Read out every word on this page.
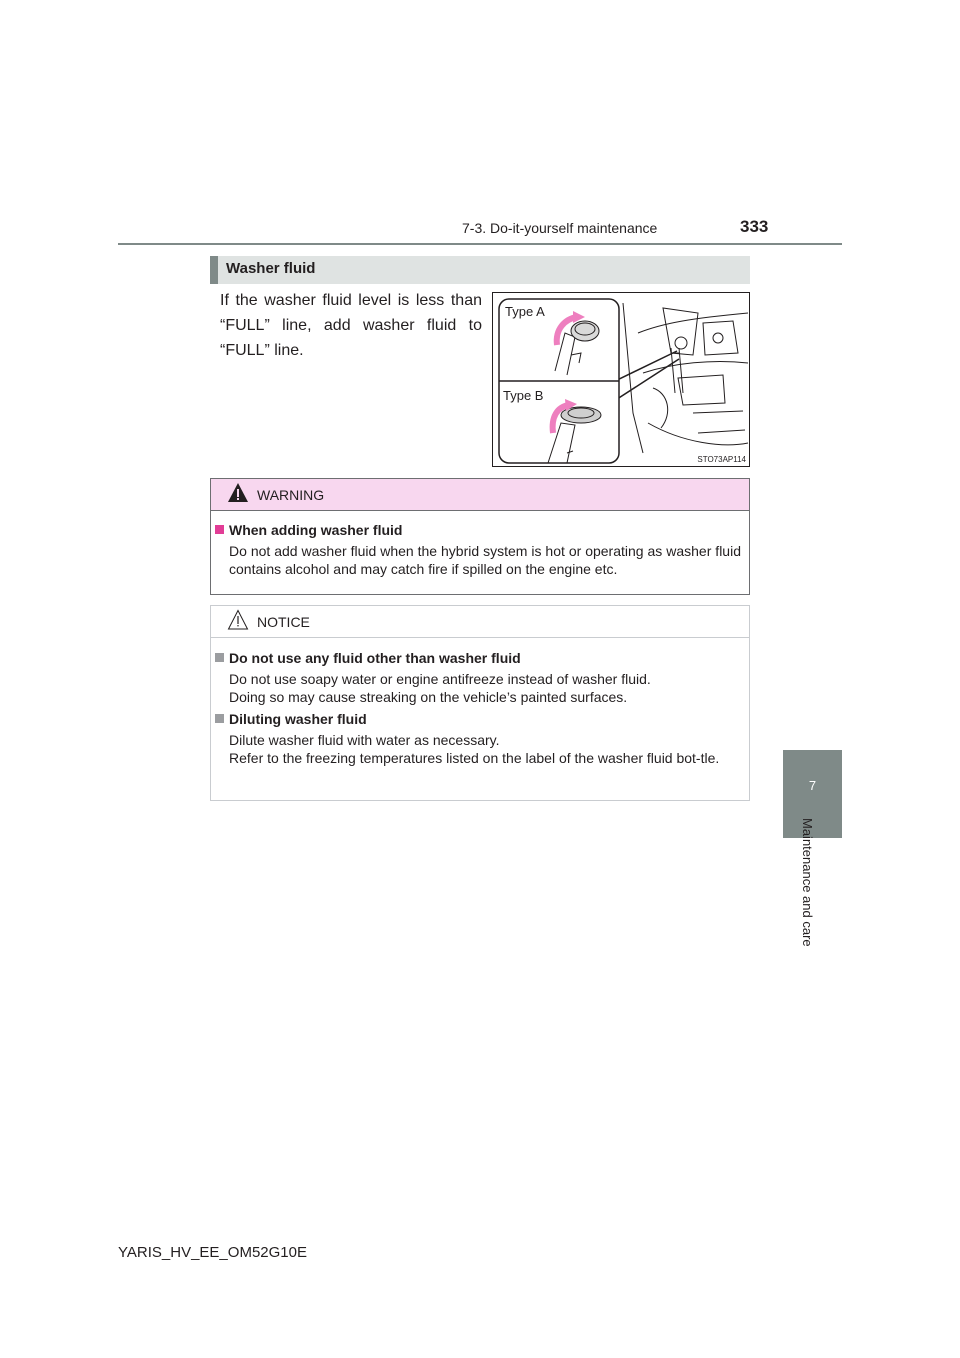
7-3. Do-it-yourself maintenance	333
7
Maintenance and care
Washer fluid
If the washer fluid level is less than “FULL” line, add washer fluid to “FULL” line.
Type A
Type B
STO73AP114
WARNING
When adding washer fluid
Do not add washer fluid when the hybrid system is hot or operating as washer fluid contains alcohol and may catch fire if spilled on the engine etc.
NOTICE
Do not use any fluid other than washer fluid
Do not use soapy water or engine antifreeze instead of washer fluid.
Doing so may cause streaking on the vehicle’s painted surfaces.
Diluting washer fluid
Dilute washer fluid with water as necessary.
Refer to the freezing temperatures listed on the label of the washer fluid bot-tle.
YARIS_HV_EE_OM52G10E
